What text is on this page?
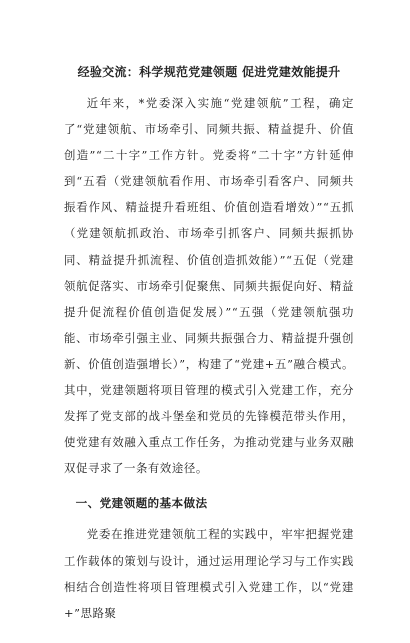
经验交流：科学规范党建领题 促进党建效能提升

近年来，*党委深入实施“党建领航”工程，确定了“党建领航、市场牵引、同频共振、精益提升、价值创造”“二十字”工作方针。党委将“二十字”方针延伸到“五看（党建领航看作用、市场牵引看客户、同频共振看作风、精益提升看班组、价值创造看增效）”“五抓（党建领航抓政治、市场牵引抓客户、同频共振抓协同、精益提升抓流程、价值创造抓效能）”“五促（党建领航促落实、市场牵引促聚焦、同频共振促向好、精益提升促流程价值创造促发展）”“五强（党建领航强功能、市场牵引强主业、同频共振强合力、精益提升强创新、价值创造强增长）”，构建了“党建+五”融合模式。其中，党建领题将项目管理的模式引入党建工作，充分发挥了党支部的战斗堡垒和党员的先锋模范带头作用，使党建有效融入重点工作任务，为推动党建与业务双融双促寻求了一条有效途径。

一、党建领题的基本做法

党委在推进党建领航工程的实践中，牢牢把握党建工作载体的策划与设计，通过运用理论学习与工作实践相结合创造性将项目管理模式引入党建工作，以“党建+”思路聚
